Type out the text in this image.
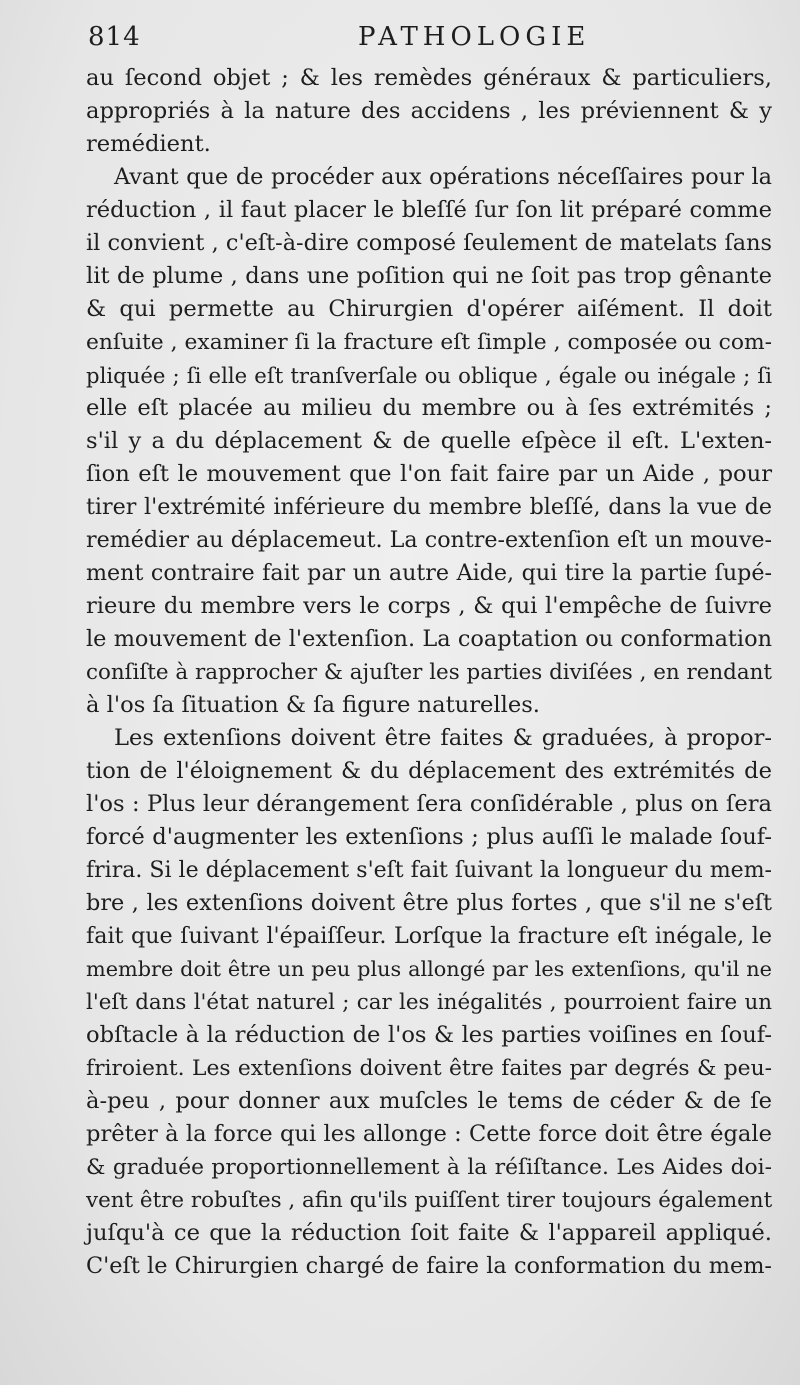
814	PATHOLOGIE
au ſecond objet ; & les remèdes généraux & particuliers,
appropriés à la nature des accidens , les préviennent & y
remédient.
Avant que de procéder aux opérations néceſſaires pour la
réduction , il faut placer le bleſſé ſur ſon lit préparé comme
il convient , c'eſt-à-dire composé ſeulement de matelats ſans
lit de plume , dans une poſition qui ne ſoit pas trop gênante
& qui permette au Chirurgien d'opérer aiſément. Il doit
enſuite , examiner ſi la fracture eſt ſimple , composée ou com-
pliquée ; ſi elle eſt tranſverſale ou oblique , égale ou inégale ; ſi
elle eſt placée au milieu du membre ou à ſes extrémités ;
s'il y a du déplacement & de quelle eſpèce il eſt. L'exten-
ſion eſt le mouvement que l'on fait faire par un Aide , pour
tirer l'extrémité inférieure du membre bleſſé, dans la vue de
remédier au déplacemeut. La contre-extenſion eſt un mouve-
ment contraire fait par un autre Aide, qui tire la partie ſupé-
rieure du membre vers le corps , & qui l'empêche de ſuivre
le mouvement de l'extenſion. La coaptation ou conformation
conſiſte à rapprocher & ajuſter les parties diviſées , en rendant
à l'os ſa ſituation & ſa figure naturelles.
Les extenſions doivent être faites & graduées, à propor-
tion de l'éloignement & du déplacement des extrémités de
l'os : Plus leur dérangement ſera conſidérable , plus on ſera
forcé d'augmenter les extenſions ; plus auſſi le malade ſouf-
frira. Si le déplacement s'eſt fait ſuivant la longueur du mem-
bre , les extenſions doivent être plus fortes , que s'il ne s'eſt
fait que ſuivant l'épaiſſeur. Lorſque la fracture eſt inégale, le
membre doit être un peu plus allongé par les extenſions, qu'il ne
l'eſt dans l'état naturel ; car les inégalités , pourroient faire un
obſtacle à la réduction de l'os & les parties voiſines en ſouf-
friroient. Les extenſions doivent être faites par degrés & peu-
à-peu , pour donner aux muſcles le tems de céder & de ſe
prêter à la force qui les allonge : Cette force doit être égale
& graduée proportionnellement à la réſiſtance. Les Aides doi-
vent être robuſtes , afin qu'ils puiſſent tirer toujours également
juſqu'à ce que la réduction ſoit faite & l'appareil appliqué.
C'eſt le Chirurgien chargé de faire la conformation du mem-
